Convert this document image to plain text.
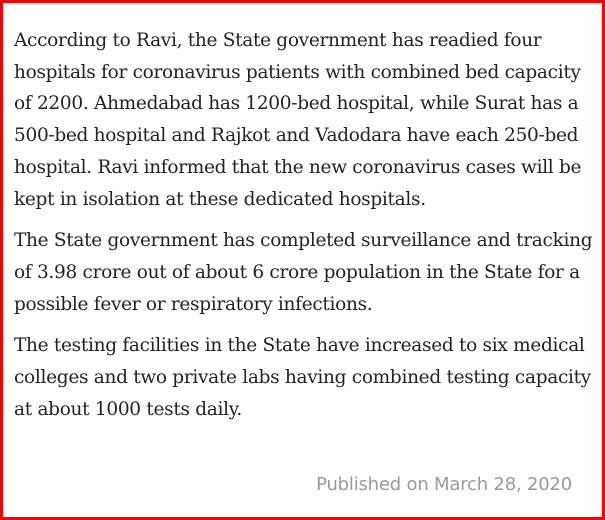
According to Ravi, the State government has readied four hospitals for coronavirus patients with combined bed capacity of 2200. Ahmedabad has 1200-bed hospital, while Surat has a 500-bed hospital and Rajkot and Vadodara have each 250-bed hospital. Ravi informed that the new coronavirus cases will be kept in isolation at these dedicated hospitals.

The State government has completed surveillance and tracking of 3.98 crore out of about 6 crore population in the State for a possible fever or respiratory infections.

The testing facilities in the State have increased to six medical colleges and two private labs having combined testing capacity at about 1000 tests daily.

Published on March 28, 2020
